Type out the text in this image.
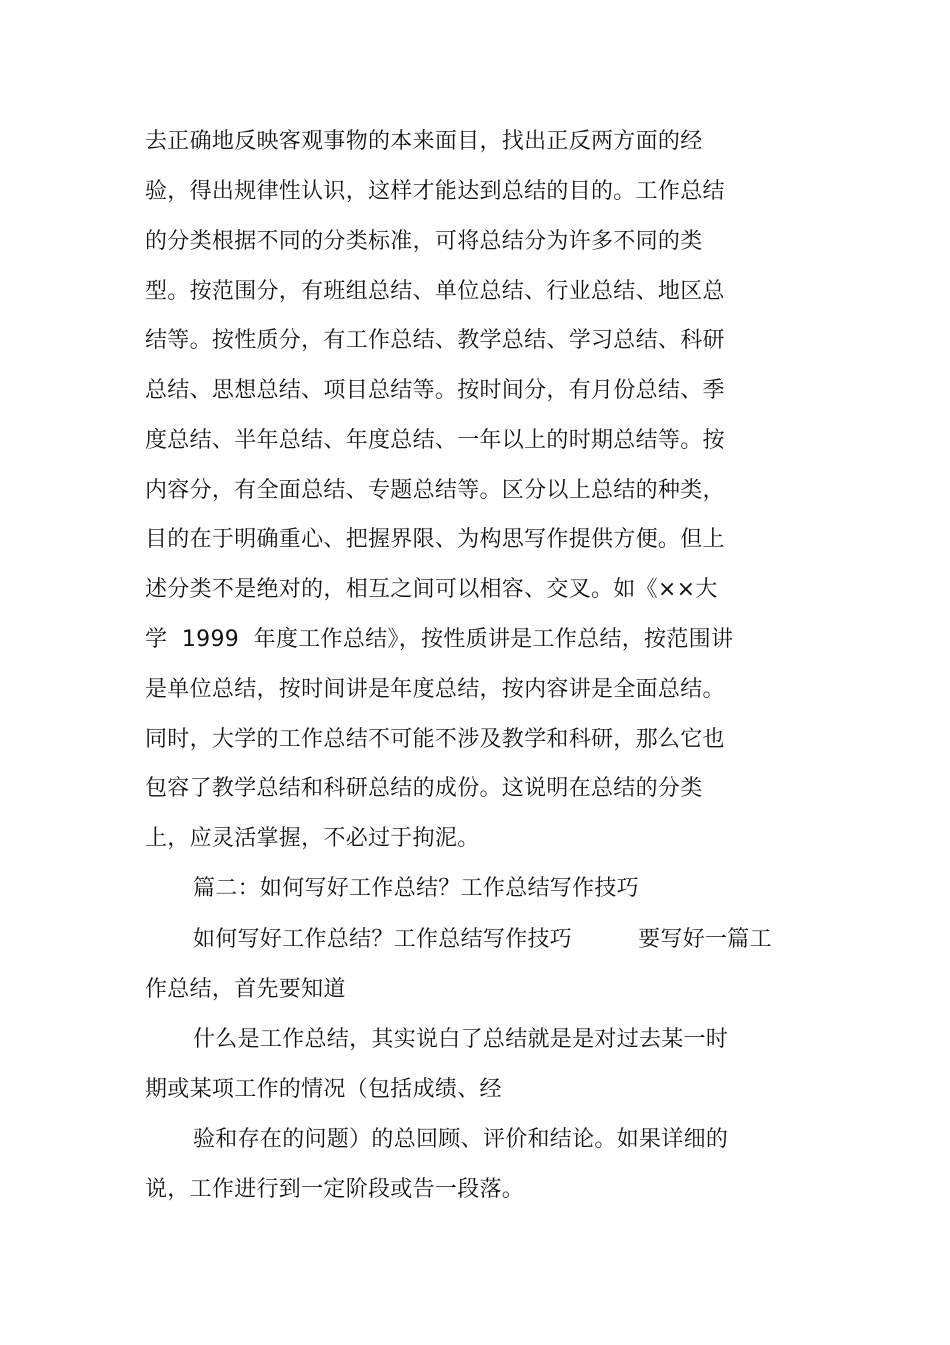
去正确地反映客观事物的本来面目，找出正反两方面的经
验，得出规律性认识，这样才能达到总结的目的。工作总结
的分类根据不同的分类标准，可将总结分为许多不同的类
型。按范围分，有班组总结、单位总结、行业总结、地区总
结等。按性质分，有工作总结、教学总结、学习总结、科研
总结、思想总结、项目总结等。按时间分，有月份总结、季
度总结、半年总结、年度总结、一年以上的时期总结等。按
内容分，有全面总结、专题总结等。区分以上总结的种类，
目的在于明确重心、把握界限、为构思写作提供方便。但上
述分类不是绝对的，相互之间可以相容、交叉。如《××大
学  1999  年度工作总结》，按性质讲是工作总结，按范围讲
是单位总结，按时间讲是年度总结，按内容讲是全面总结。
同时，大学的工作总结不可能不涉及教学和科研，那么它也
包容了教学总结和科研总结的成份。这说明在总结的分类
上，应灵活掌握，不必过于拘泥。
篇二：如何写好工作总结？工作总结写作技巧
如何写好工作总结？工作总结写作技巧	要写好一篇工
作总结，首先要知道
什么是工作总结，其实说白了总结就是是对过去某一时
期或某项工作的情况（包括成绩、经
验和存在的问题）的总回顾、评价和结论。如果详细的
说，工作进行到一定阶段或告一段落。
